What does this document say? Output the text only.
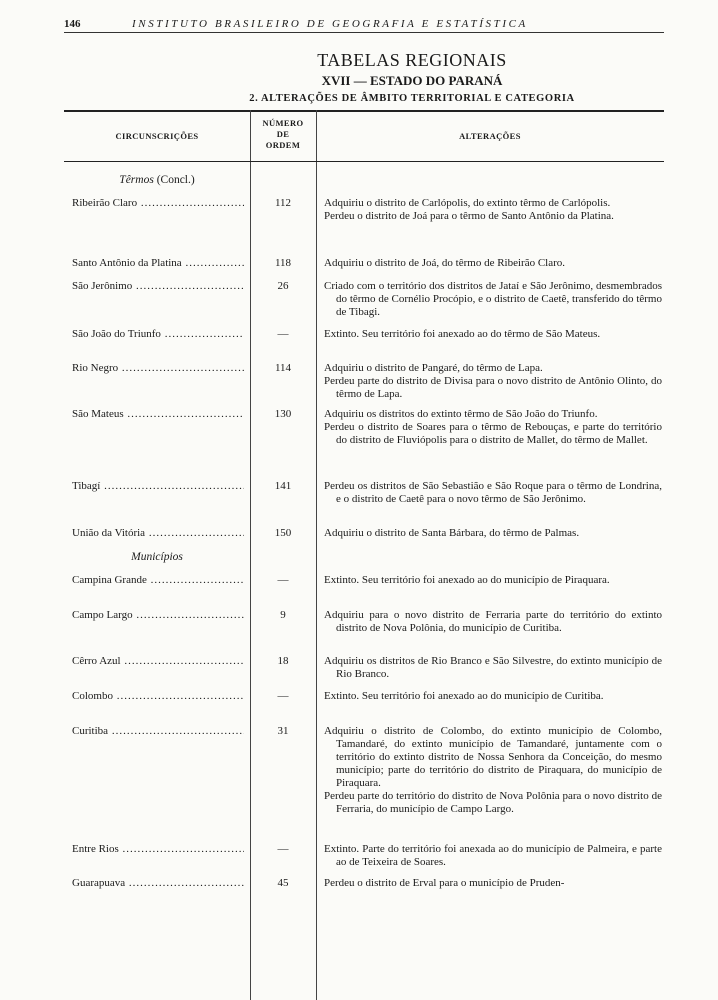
146	INSTITUTO BRASILEIRO DE GEOGRAFIA E ESTATÍSTICA
TABELAS REGIONAIS
XVII — ESTADO DO PARANÁ
2. ALTERAÇÕES DE ÂMBITO TERRITORIAL E CATEGORIA
CIRCUNSCRIÇÕES
NÚMERO
DE
ORDEM
ALTERAÇÕES
Têrmos (Concl.)
Ribeirão Claro .....	112	Adquiriu o distrito de Carlópolis, do extinto têrmo de Carlópolis.

Perdeu o distrito de Joá para o têrmo de Santo Antônio da Platina.

Santo Antônio da Platina .....	118	Adquiriu o distrito de Joá, do têrmo de Ribeirão Claro.

São Jerônimo .....	26	Criado com o território dos distritos de Jataí e São Jerônimo, desmembrados do têrmo de Cornélio Procópio, e o distrito de Caetê, transferido do têrmo de Tibagi.

São João do Triunfo .....	—	Extinto. Seu território foi anexado ao do têrmo de São Mateus.

Rio Negro .....	114	Adquiriu o distrito de Pangaré, do têrmo de Lapa.

Perdeu parte do distrito de Divisa para o novo distrito de Antônio Olinto, do têrmo de Lapa.

São Mateus .....	130	Adquiriu os distritos do extinto têrmo de São João do Triunfo.

Perdeu o distrito de Soares para o têrmo de Rebouças, e parte do território do distrito de Fluviópolis para o distrito de Mallet, do têrmo de Mallet.

Tibagí .....	141	Perdeu os distritos de São Sebastião e São Roque para o têrmo de Londrina, e o distrito de Caetê para o novo têrmo de São Jerônimo.

União da Vitória .....	150	Adquiriu o distrito de Santa Bárbara, do têrmo de Palmas.

Municípios
Campina Grande .....	—	Extinto. Seu território foi anexado ao do município de Piraquara.

Campo Largo .....	9	Adquiriu para o novo distrito de Ferraria parte do território do extinto distrito de Nova Polônia, do município de Curitiba.

Cêrro Azul .....	18	Adquiriu os distritos de Rio Branco e São Silvestre, do extinto município de Rio Branco.

Colombo .....	—	Extinto. Seu território foi anexado ao do município de Curitiba.

Curitiba .....	31	Adquiriu o distrito de Colombo, do extinto município de Colombo, Tamandaré, do extinto município de Tamandaré, juntamente com o território do extinto distrito de Nossa Senhora da Conceição, do mesmo município; parte do território do distrito de Piraquara, do município de Piraquara.

Perdeu parte do território do distrito de Nova Polônia para o novo distrito de Ferraria, do município de Campo Largo.

Entre Rios .....	—	Extinto. Parte do território foi anexada ao do município de Palmeira, e parte ao de Teixeira de Soares.

Guarapuava .....	45	Perdeu o distrito de Erval para o município de Pruden-
